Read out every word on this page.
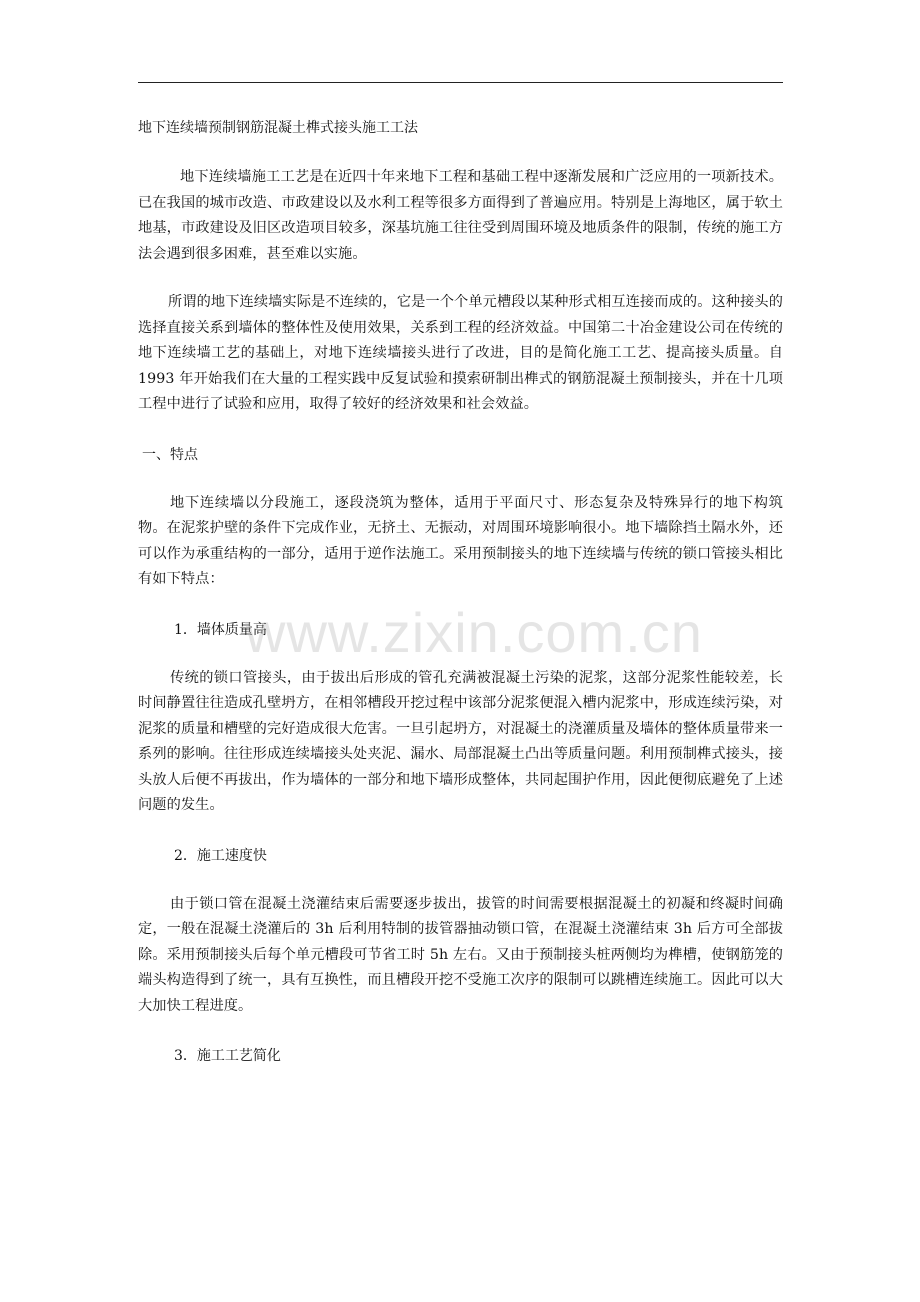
地下连续墙预制钢筋混凝土榫式接头施工工法

地下连续墙施工工艺是在近四十年来地下工程和基础工程中逐渐发展和广泛应用的一项新技术。已在我国的城市改造、市政建设以及水利工程等很多方面得到了普遍应用。特别是上海地区，属于软土地基，市政建设及旧区改造项目较多，深基坑施工往往受到周围环境及地质条件的限制，传统的施工方法会遇到很多困难，甚至难以实施。

所谓的地下连续墙实际是不连续的，它是一个个单元槽段以某种形式相互连接而成的。这种接头的选择直接关系到墙体的整体性及使用效果，关系到工程的经济效益。中国第二十冶金建设公司在传统的地下连续墙工艺的基础上，对地下连续墙接头进行了改进，目的是简化施工工艺、提高接头质量。自 1993 年开始我们在大量的工程实践中反复试验和摸索研制出榫式的钢筋混凝土预制接头，并在十几项工程中进行了试验和应用，取得了较好的经济效果和社会效益。

一、特点

地下连续墙以分段施工，逐段浇筑为整体，适用于平面尺寸、形态复杂及特殊异行的地下构筑物。在泥浆护壁的条件下完成作业，无挤土、无振动，对周围环境影响很小。地下墙除挡土隔水外，还可以作为承重结构的一部分，适用于逆作法施工。采用预制接头的地下连续墙与传统的锁口管接头相比有如下特点：

1．墙体质量高

传统的锁口管接头，由于拔出后形成的管孔充满被混凝土污染的泥浆，这部分泥浆性能较差，长时间静置往往造成孔壁坍方，在相邻槽段开挖过程中该部分泥浆便混入槽内泥浆中，形成连续污染，对泥浆的质量和槽壁的完好造成很大危害。一旦引起坍方，对混凝土的浇灌质量及墙体的整体质量带来一系列的影响。往往形成连续墙接头处夹泥、漏水、局部混凝土凸出等质量问题。利用预制榫式接头，接头放人后便不再拔出，作为墙体的一部分和地下墙形成整体，共同起围护作用，因此便彻底避免了上述问题的发生。

2．施工速度快

由于锁口管在混凝土浇灌结束后需要逐步拔出，拔管的时间需要根据混凝土的初凝和终凝时间确定，一般在混凝土浇灌后的 3h 后利用特制的拔管器抽动锁口管，在混凝土浇灌结束 3h 后方可全部拔除。采用预制接头后每个单元槽段可节省工时 5h 左右。又由于预制接头桩两侧均为榫槽，使钢筋笼的端头构造得到了统一，具有互换性，而且槽段开挖不受施工次序的限制可以跳槽连续施工。因此可以大大加快工程进度。

3．施工工艺简化

www.zixin.com.cn
